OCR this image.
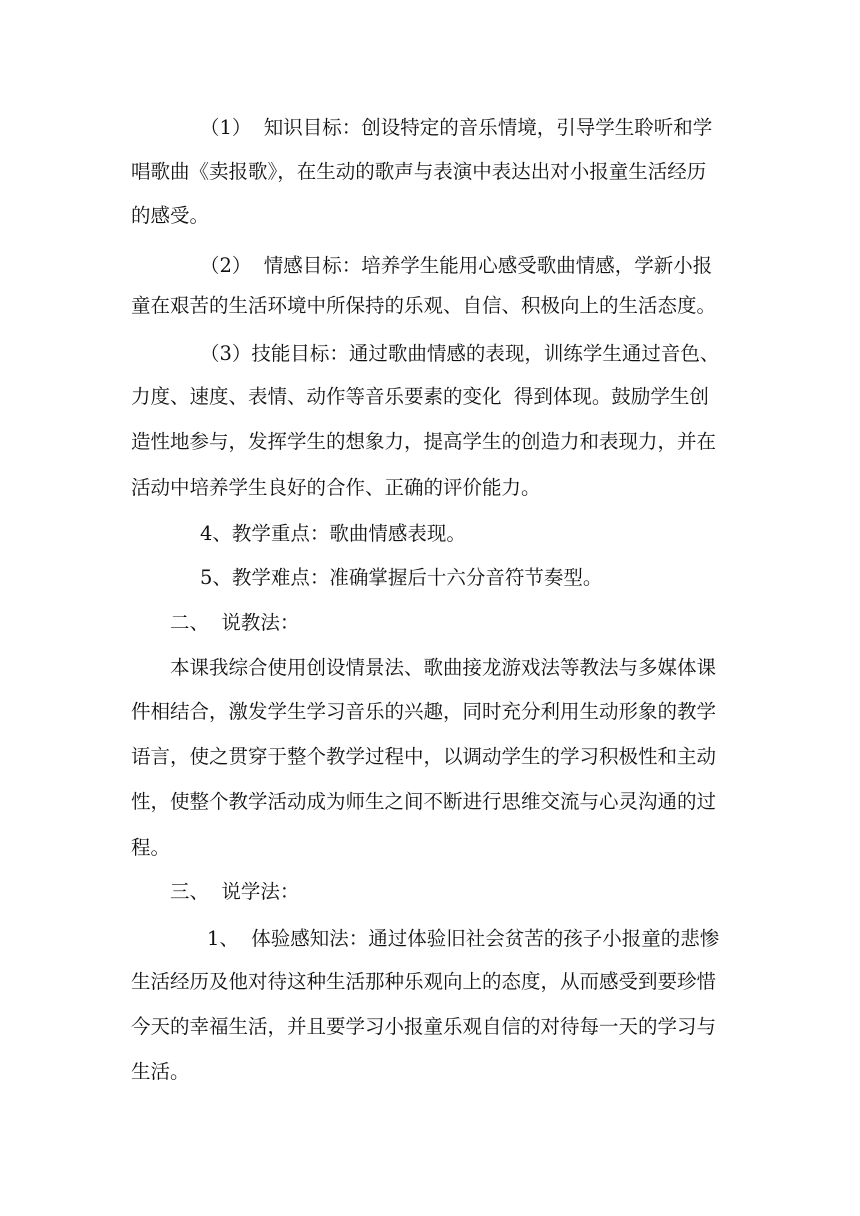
（1）  知识目标：创设特定的音乐情境，引导学生聆听和学
唱歌曲《卖报歌》，在生动的歌声与表演中表达出对小报童生活经历
的感受。
（2）  情感目标：培养学生能用心感受歌曲情感，学新小报
童在艰苦的生活环境中所保持的乐观、自信、积极向上的生活态度。
（3）技能目标：通过歌曲情感的表现，训练学生通过音色、
力度、速度、表情、动作等音乐要素的变化  得到体现。鼓励学生创
造性地参与，发挥学生的想象力，提高学生的创造力和表现力，并在
活动中培养学生良好的合作、正确的评价能力。
4、教学重点：歌曲情感表现。
5、教学难点：准确掌握后十六分音符节奏型。
二、  说教法：
本课我综合使用创设情景法、歌曲接龙游戏法等教法与多媒体课
件相结合，激发学生学习音乐的兴趣，同时充分利用生动形象的教学
语言，使之贯穿于整个教学过程中，以调动学生的学习积极性和主动
性，使整个教学活动成为师生之间不断进行思维交流与心灵沟通的过
程。
三、  说学法：
1、  体验感知法：通过体验旧社会贫苦的孩子小报童的悲惨
生活经历及他对待这种生活那种乐观向上的态度，从而感受到要珍惜
今天的幸福生活，并且要学习小报童乐观自信的对待每一天的学习与
生活。
